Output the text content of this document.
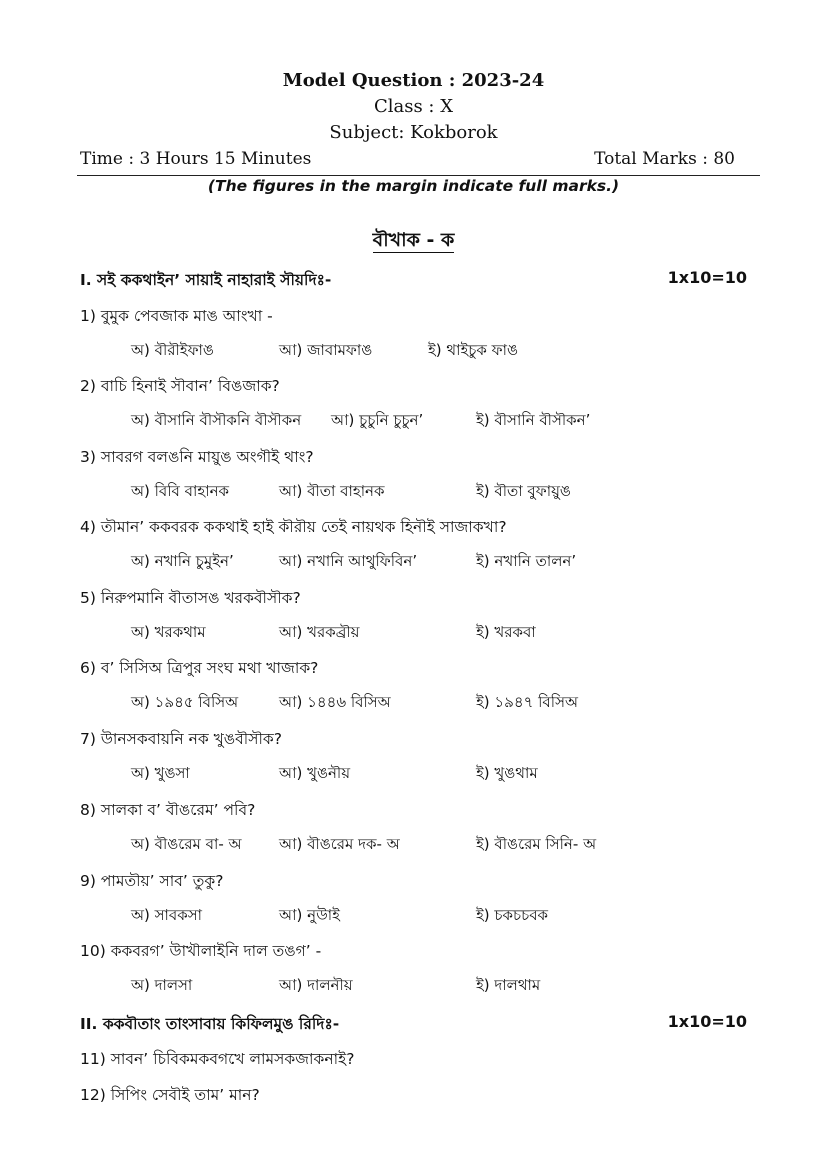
Model Question : 2023-24
Class : X
Subject: Kokborok
Time : 3 Hours 15 Minutes	Total Marks : 80
(The figures in the margin indicate full marks.)
বৗখাক - ক
I. সই ককথাইন’ সায়াই নাহারাই সৗয়দিঃ-	1x10=10
1) বুমুক পেবজাক মাঙ আংখা -
অ) বৗরৗইফাঙ	আ) জাবামফাঙ	ই) থাইচুক ফাঙ
2) বাচি হিনাই সৗবান’ বিঙজাক?
অ) বৗসানি বৗসৗকনি বৗসৗকন আ) চুচুনি চুচুন’	ই) বৗসানি বৗসৗকন’
3) সাবরগ বলঙনি মায়ুঙ অংগৗই থাং?
অ) বিবি বাহানক	আ) বৗতা বাহানক	ই) বৗতা বুফায়ুঙ
4) তৗমান’ ককবরক ককথাই হাই কৗরৗয় তেই নায়থক হিনৗই সাজাকখা?
অ) নখানি চুমুইন’	আ) নখানি আথুফিবিন’	ই) নখানি তালন’
5) নিরুপমানি বৗতাসঙ খরকবৗসৗক?
অ) খরকথাম	আ) খরকব্রৗয়	ই) খরকবা
6) ব’ সিসিঅ ত্রিপুর সংঘ মথা খাজাক?
অ) ১৯৪৫ বিসিঅ	আ) ১৪৪৬ বিসিঅ	ই) ১৯৪৭ বিসিঅ
7) উানসকবায়নি নক খুঙবৗসৗক?
অ) খুঙসা	আ) খুঙনৗয়	ই) খুঙথাম
8) সালকা ব’ বৗঙরেম’ পবি?
অ) বৗঙরেম বা- অ	আ) বৗঙরেম দক- অ	ই) বৗঙরেম সিনি- অ
9) পামতৗয়’ সাব’ তুকু?
অ) সাবকসা	আ) নুউাই	ই) চকচচবক
10) ককবরগ’ উাখৗলাইনি দাল তঙগ’ -
অ) দালসা	আ) দালনৗয়	ই) দালথাম
II. ককবৗতাং তাংসাবায় কিফিলমুঙ রিদিঃ-	1x10=10
11) সাবন’ চিবিকমকবগখে লামসকজাকনাই?
12) সিপিং সেবৗই তাম’ মান?
